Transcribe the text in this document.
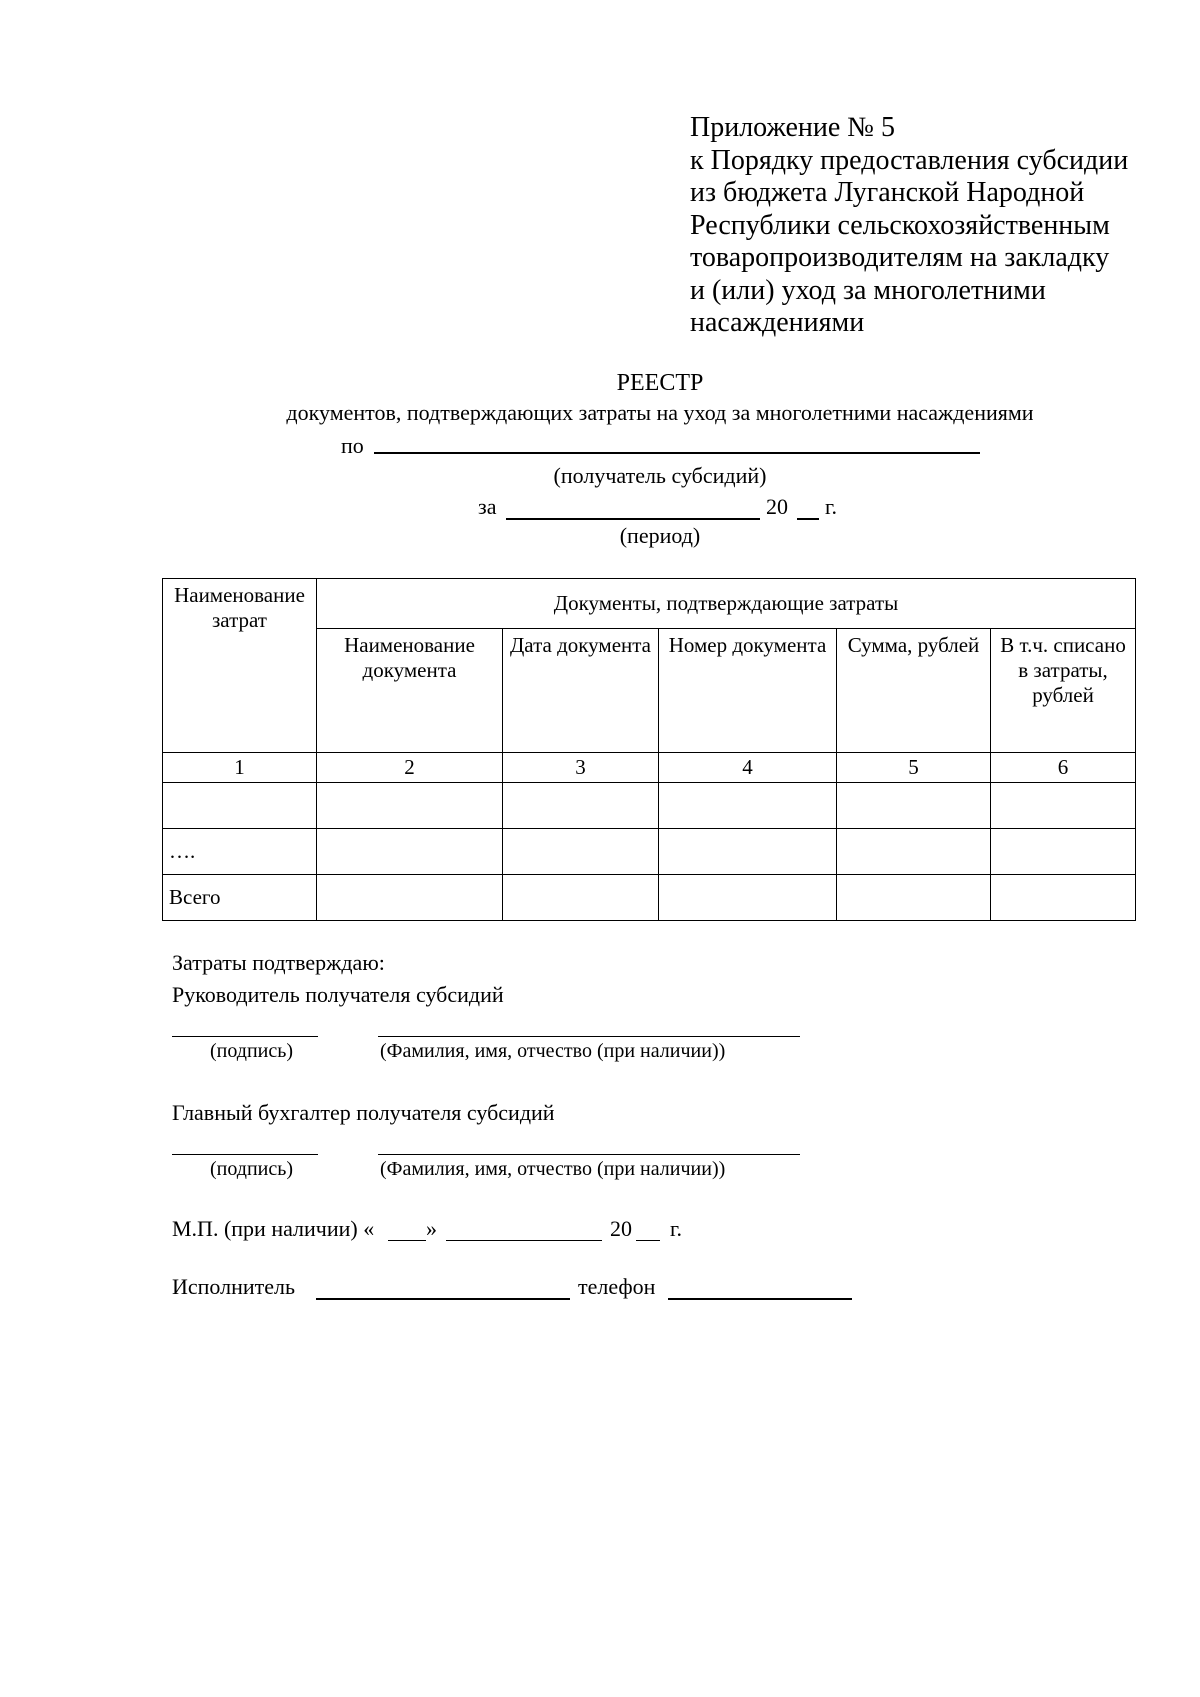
Приложение № 5
к Порядку предоставления субсидии
из бюджета Луганской Народной
Республики сельскохозяйственным
товаропроизводителям на закладку
и (или) уход за многолетними
насаждениями
РЕЕСТР
документов, подтверждающих затраты на уход за многолетними насаждениями
по
(получатель субсидий)
за	20 г.
(период)
Наименование затрат	Документы, подтверждающие затраты				
	Наименование документа	Дата документа	Номер документа	Сумма, рублей	В т.ч. списано в затраты, рублей
1	2	3	4	5	6

….					
Всего					
Затраты подтверждаю:
Руководитель получателя субсидий
(подпись)	(Фамилия, имя, отчество (при наличии))
Главный бухгалтер получателя субсидий
(подпись)	(Фамилия, имя, отчество (при наличии))
М.П. (при наличии) « »	20 г.
Исполнитель	телефон
